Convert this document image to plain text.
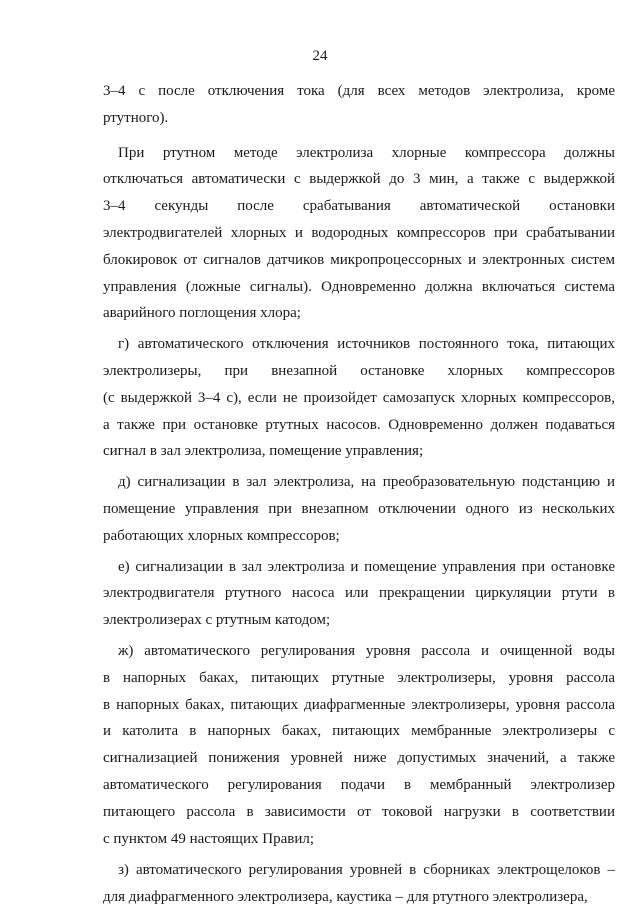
24

3–4 с после отключения тока (для всех методов электролиза, кроме
ртутного).

При ртутном методе электролиза хлорные компрессора должны
отключаться автоматически с выдержкой до 3 мин, а также с выдержкой
3–4 секунды после срабатывания автоматической остановки
электродвигателей хлорных и водородных компрессоров при срабатывании
блокировок от сигналов датчиков микропроцессорных и электронных систем
управления (ложные сигналы). Одновременно должна включаться система
аварийного поглощения хлора;

г) автоматического отключения источников постоянного тока, питающих
электролизеры, при внезапной остановке хлорных компрессоров
(с выдержкой 3–4 с), если не произойдет самозапуск хлорных компрессоров,
а также при остановке ртутных насосов. Одновременно должен подаваться
сигнал в зал электролиза, помещение управления;

д) сигнализации в зал электролиза, на преобразовательную подстанцию и
помещение управления при внезапном отключении одного из нескольких
работающих хлорных компрессоров;

е) сигнализации в зал электролиза и помещение управления при остановке
электродвигателя ртутного насоса или прекращении циркуляции ртути в
электролизерах с ртутным катодом;

ж) автоматического регулирования уровня рассола и очищенной воды
в напорных баках, питающих ртутные электролизеры, уровня рассола
в напорных баках, питающих диафрагменные электролизеры, уровня рассола
и католита в напорных баках, питающих мембранные электролизеры с
сигнализацией понижения уровней ниже допустимых значений, а также
автоматического регулирования подачи в мембранный электролизер
питающего рассола в зависимости от токовой нагрузки в соответствии
с пунктом 49 настоящих Правил;

з) автоматического регулирования уровней в сборниках электрощелоков –
для диафрагменного электролизера, каустика – для ртутного электролизера,
